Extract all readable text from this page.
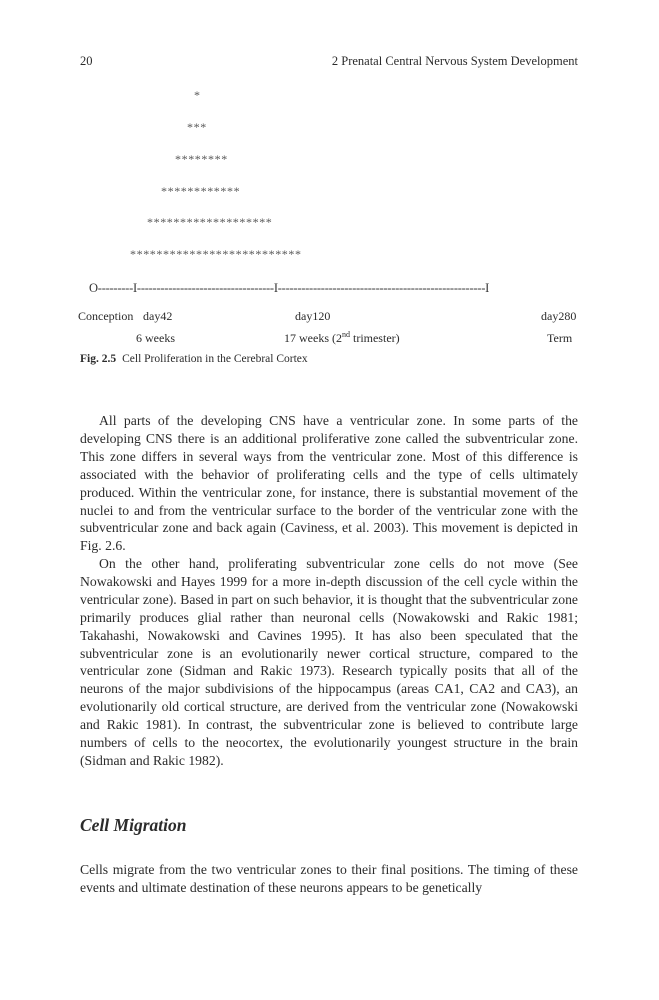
20	2 Prenatal Central Nervous System Development
*
***
********
************
*******************
**************************
O---------I-----------------------------------I-----------------------------------------------------I
Conception day42	day120	day280
6 weeks	17 weeks (2nd trimester)	Term
Fig. 2.5 Cell Proliferation in the Cerebral Cortex

All parts of the developing CNS have a ventricular zone. In some parts of the developing CNS there is an additional proliferative zone called the subventricular zone. This zone differs in several ways from the ventricular zone. Most of this difference is associated with the behavior of proliferating cells and the type of cells ultimately produced. Within the ventricular zone, for instance, there is substantial movement of the nuclei to and from the ventricular surface to the border of the ventricular zone with the subventricular zone and back again (Caviness, et al. 2003). This movement is depicted in Fig. 2.6.

On the other hand, proliferating subventricular zone cells do not move (See Nowakowski and Hayes 1999 for a more in-depth discussion of the cell cycle within the ventricular zone). Based in part on such behavior, it is thought that the subventricular zone primarily produces glial rather than neuronal cells (Nowakowski and Rakic 1981; Takahashi, Nowakowski and Cavines 1995). It has also been speculated that the subventricular zone is an evolutionarily newer cortical structure, compared to the ventricular zone (Sidman and Rakic 1973). Research typically posits that all of the neurons of the major subdivisions of the hippocampus (areas CA1, CA2 and CA3), an evolutionarily old cortical structure, are derived from the ventricular zone (Nowakowski and Rakic 1981). In contrast, the subventricular zone is believed to contribute large numbers of cells to the neocortex, the evolutionarily youngest structure in the brain (Sidman and Rakic 1982).

Cell Migration

Cells migrate from the two ventricular zones to their final positions. The timing of these events and ultimate destination of these neurons appears to be genetically
